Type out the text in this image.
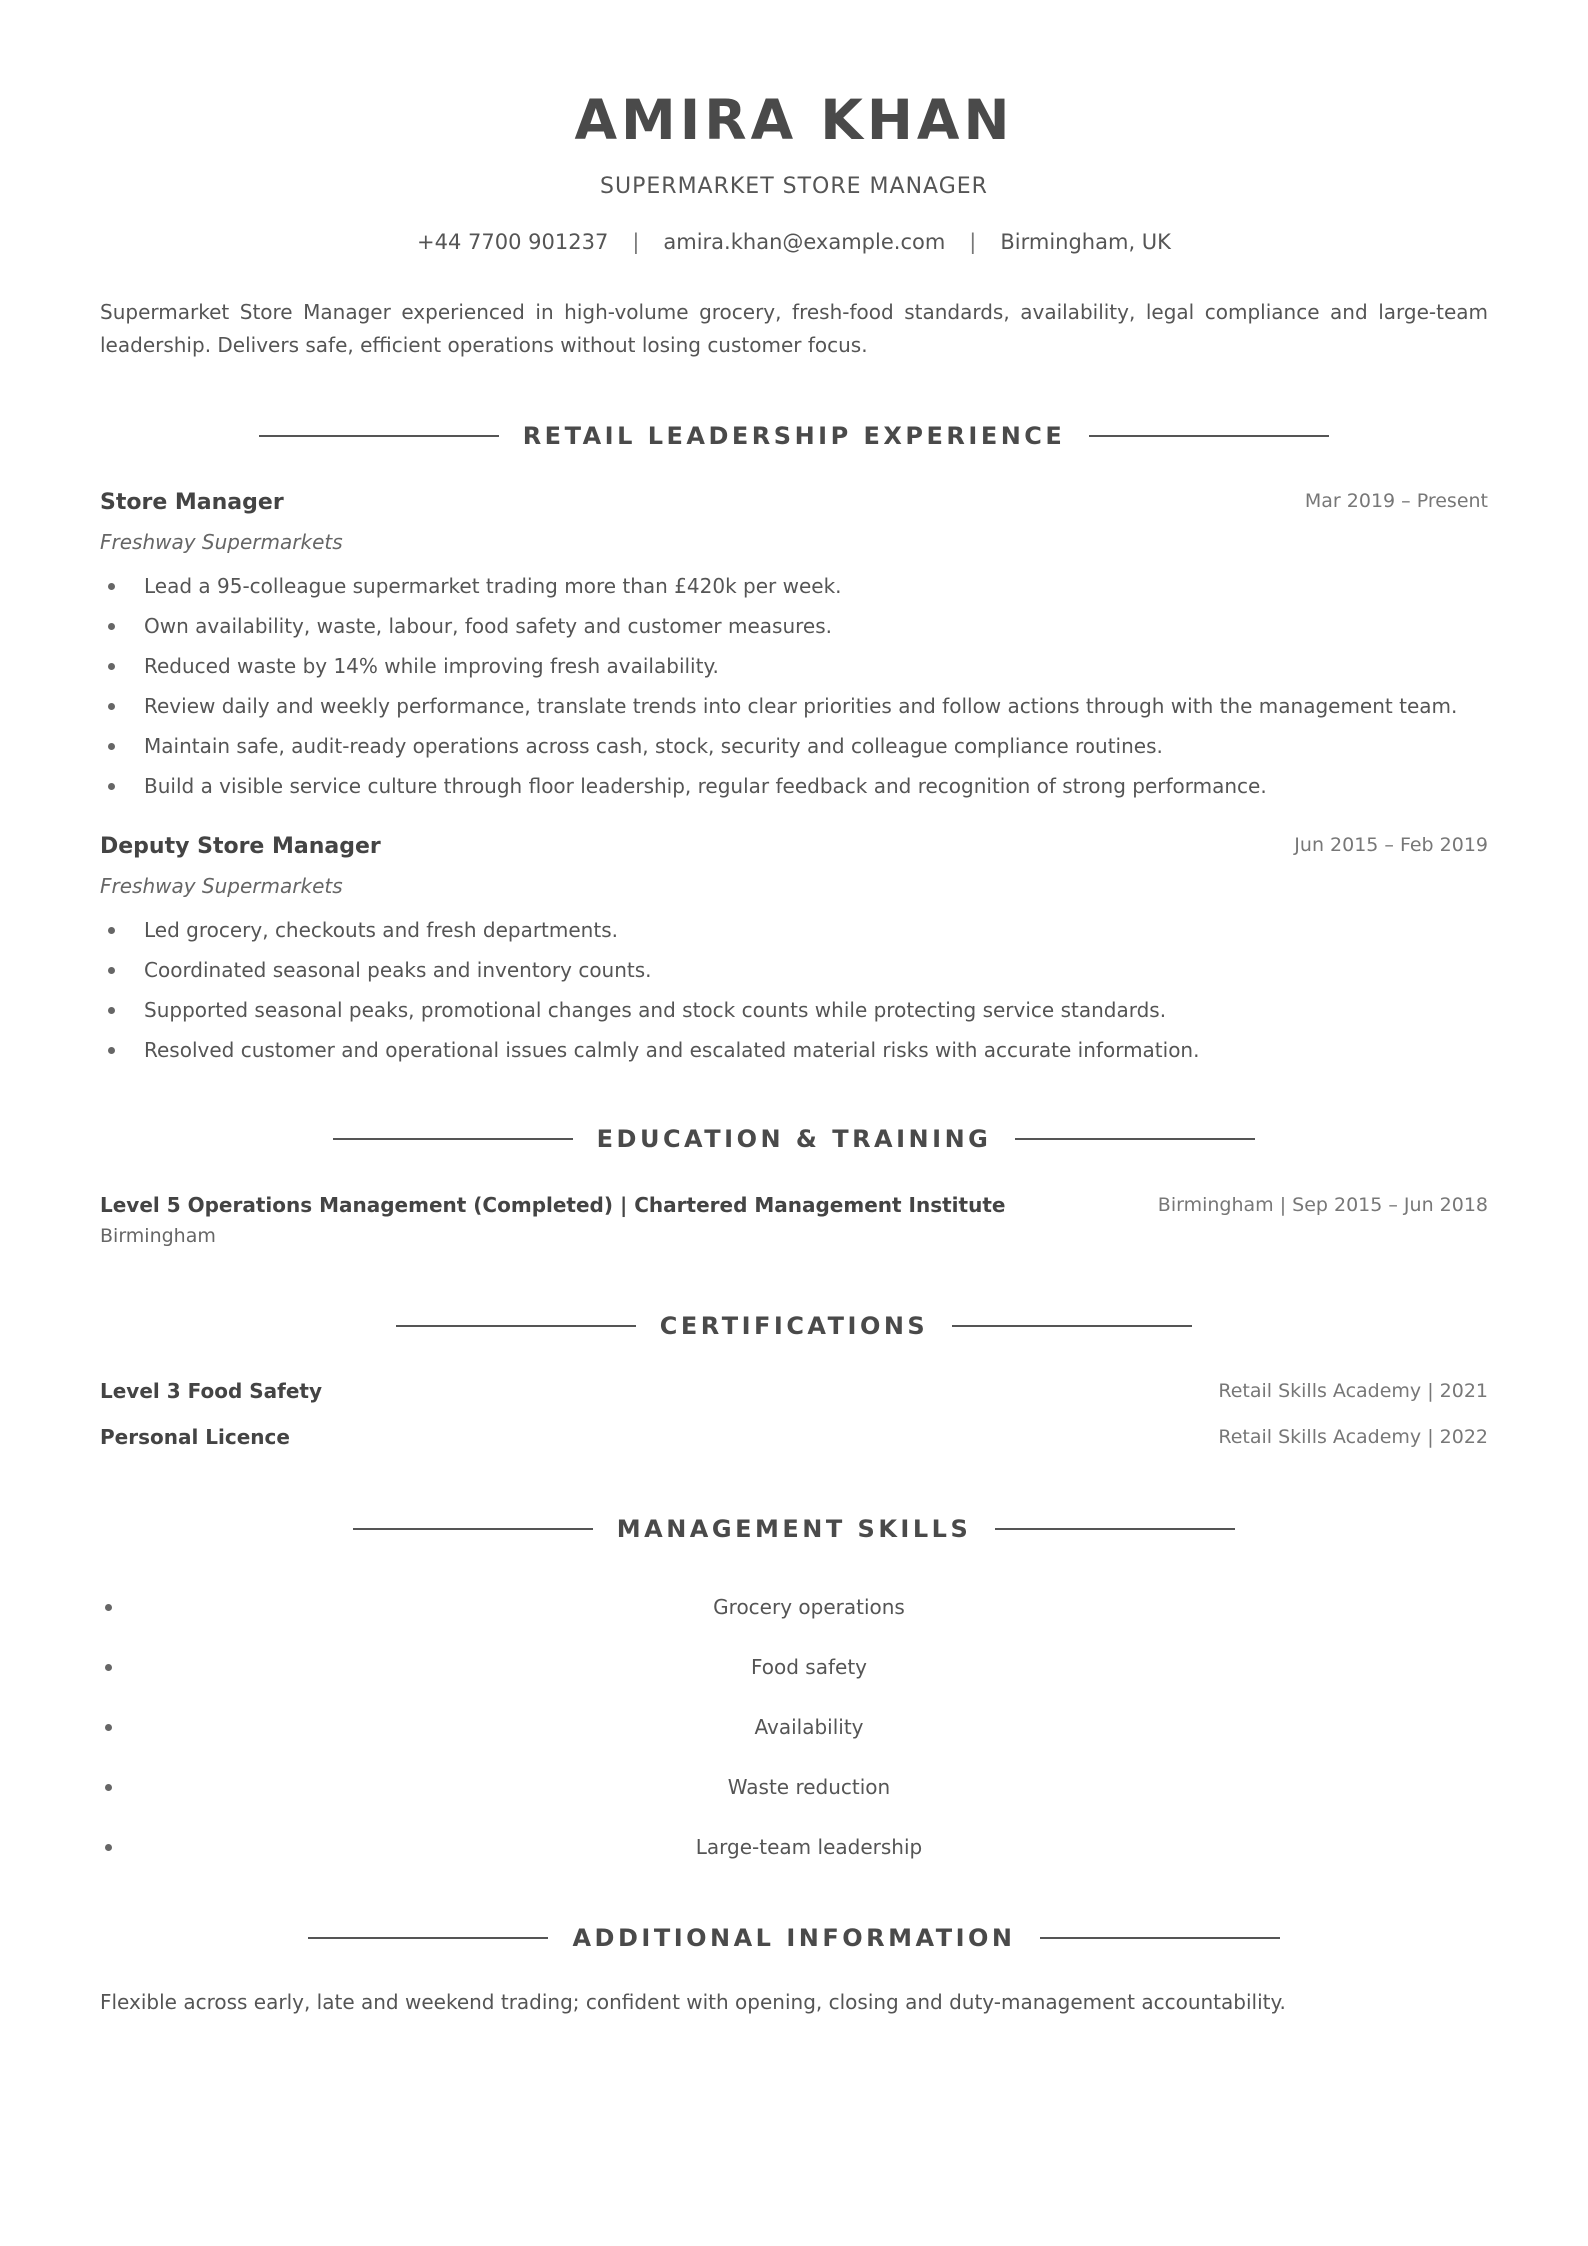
AMIRA KHAN
SUPERMARKET STORE MANAGER
+44 7700 901237 | amira.khan@example.com | Birmingham, UK
Supermarket Store Manager experienced in high-volume grocery, fresh-food standards, availability, legal compliance and large-team leadership. Delivers safe, efficient operations without losing customer focus.
RETAIL LEADERSHIP EXPERIENCE
Store Manager	Mar 2019 – Present
Freshway Supermarkets
Lead a 95-colleague supermarket trading more than £420k per week.
Own availability, waste, labour, food safety and customer measures.
Reduced waste by 14% while improving fresh availability.
Review daily and weekly performance, translate trends into clear priorities and follow actions through with the management team.
Maintain safe, audit-ready operations across cash, stock, security and colleague compliance routines.
Build a visible service culture through floor leadership, regular feedback and recognition of strong performance.
Deputy Store Manager	Jun 2015 – Feb 2019
Freshway Supermarkets
Led grocery, checkouts and fresh departments.
Coordinated seasonal peaks and inventory counts.
Supported seasonal peaks, promotional changes and stock counts while protecting service standards.
Resolved customer and operational issues calmly and escalated material risks with accurate information.
EDUCATION & TRAINING
Level 5 Operations Management (Completed) | Chartered Management Institute	Birmingham | Sep 2015 – Jun 2018
Birmingham
CERTIFICATIONS
Level 3 Food Safety	Retail Skills Academy | 2021
Personal Licence	Retail Skills Academy | 2022
MANAGEMENT SKILLS
Grocery operations
Food safety
Availability
Waste reduction
Large-team leadership
ADDITIONAL INFORMATION
Flexible across early, late and weekend trading; confident with opening, closing and duty-management accountability.
